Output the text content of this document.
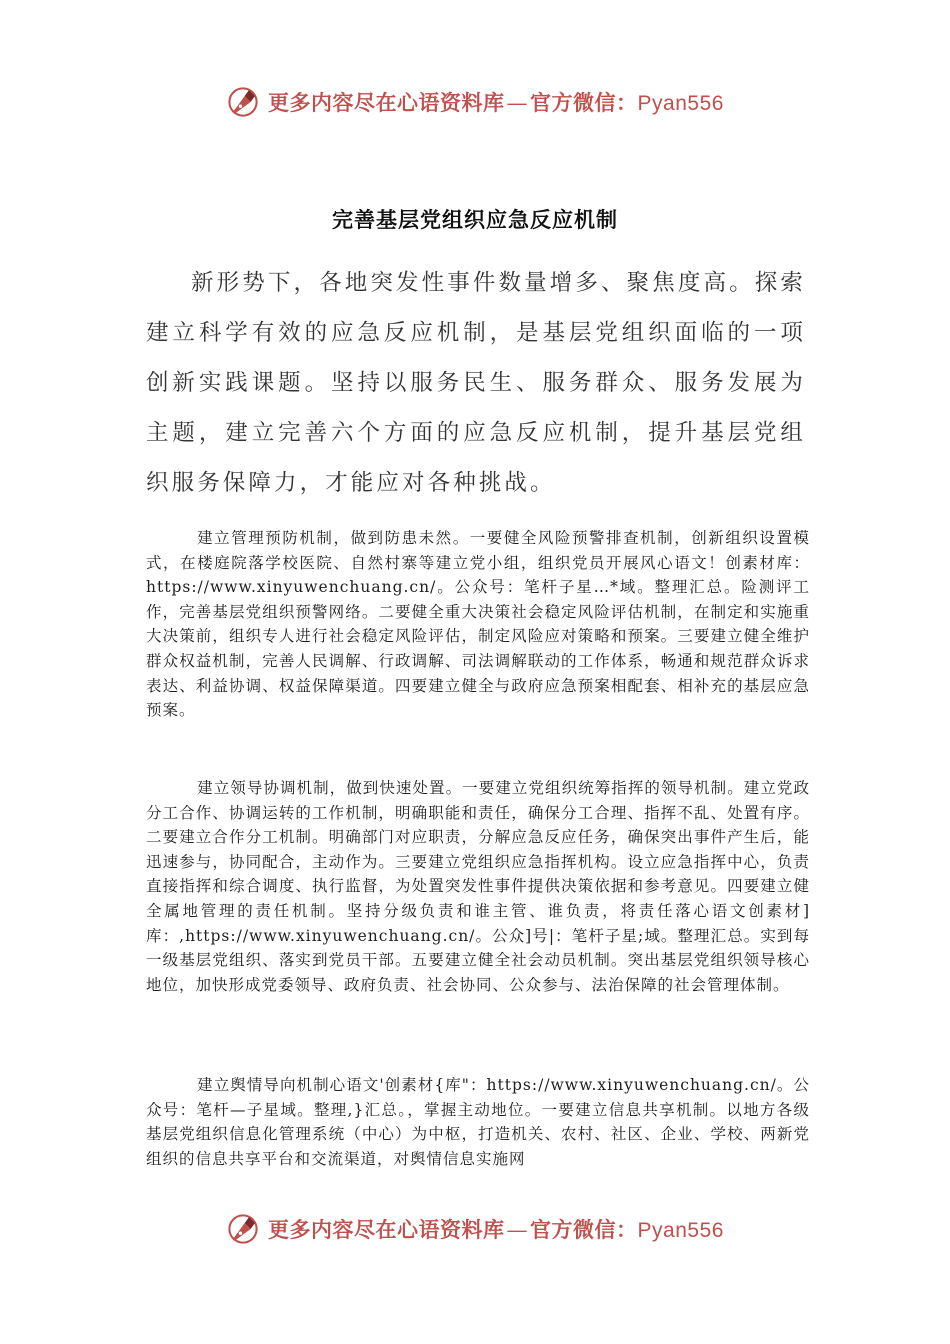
更多内容尽在心语资料库—官方微信：Pyan556
完善基层党组织应急反应机制

新形势下，各地突发性事件数量增多、聚焦度高。探索建立科学有效的应急反应机制，是基层党组织面临的一项创新实践课题。坚持以服务民生、服务群众、服务发展为主题，建立完善六个方面的应急反应机制，提升基层党组织服务保障力，才能应对各种挑战。

建立管理预防机制，做到防患未然。一要健全风险预警排查机制，创新组织设置模式，在楼庭院落学校医院、自然村寨等建立党小组，组织党员开展风心语文！创素材库：https://www.xinyuwenchuang.cn/。公众号：笔杆子星…*域。整理汇总。险测评工作，完善基层党组织预警网络。二要健全重大决策社会稳定风险评估机制，在制定和实施重大决策前，组织专人进行社会稳定风险评估，制定风险应对策略和预案。三要建立健全维护群众权益机制，完善人民调解、行政调解、司法调解联动的工作体系，畅通和规范群众诉求表达、利益协调、权益保障渠道。四要建立健全与政府应急预案相配套、相补充的基层应急预案。

建立领导协调机制，做到快速处置。一要建立党组织统筹指挥的领导机制。建立党政分工合作、协调运转的工作机制，明确职能和责任，确保分工合理、指挥不乱、处置有序。二要建立合作分工机制。明确部门对应职责，分解应急反应任务，确保突出事件产生后，能迅速参与，协同配合，主动作为。三要建立党组织应急指挥机构。设立应急指挥中心，负责直接指挥和综合调度、执行监督，为处置突发性事件提供决策依据和参考意见。四要建立健全属地管理的责任机制。坚持分级负责和谁主管、谁负责，将责任落心语文创素材]库：,https://www.xinyuwenchuang.cn/。公众]号|：笔杆子星;域。整理汇总。实到每一级基层党组织、落实到党员干部。五要建立健全社会动员机制。突出基层党组织领导核心地位，加快形成党委领导、政府负责、社会协同、公众参与、法治保障的社会管理体制。

建立舆情导向机制心语文'创素材{库"：https://www.xinyuwenchuang.cn/。公众号：笔杆—子星域。整理,}汇总。，掌握主动地位。一要建立信息共享机制。以地方各级基层党组织信息化管理系统（中心）为中枢，打造机关、农村、社区、企业、学校、两新党组织的信息共享平台和交流渠道，对舆情信息实施网

更多内容尽在心语资料库—官方微信：Pyan556
